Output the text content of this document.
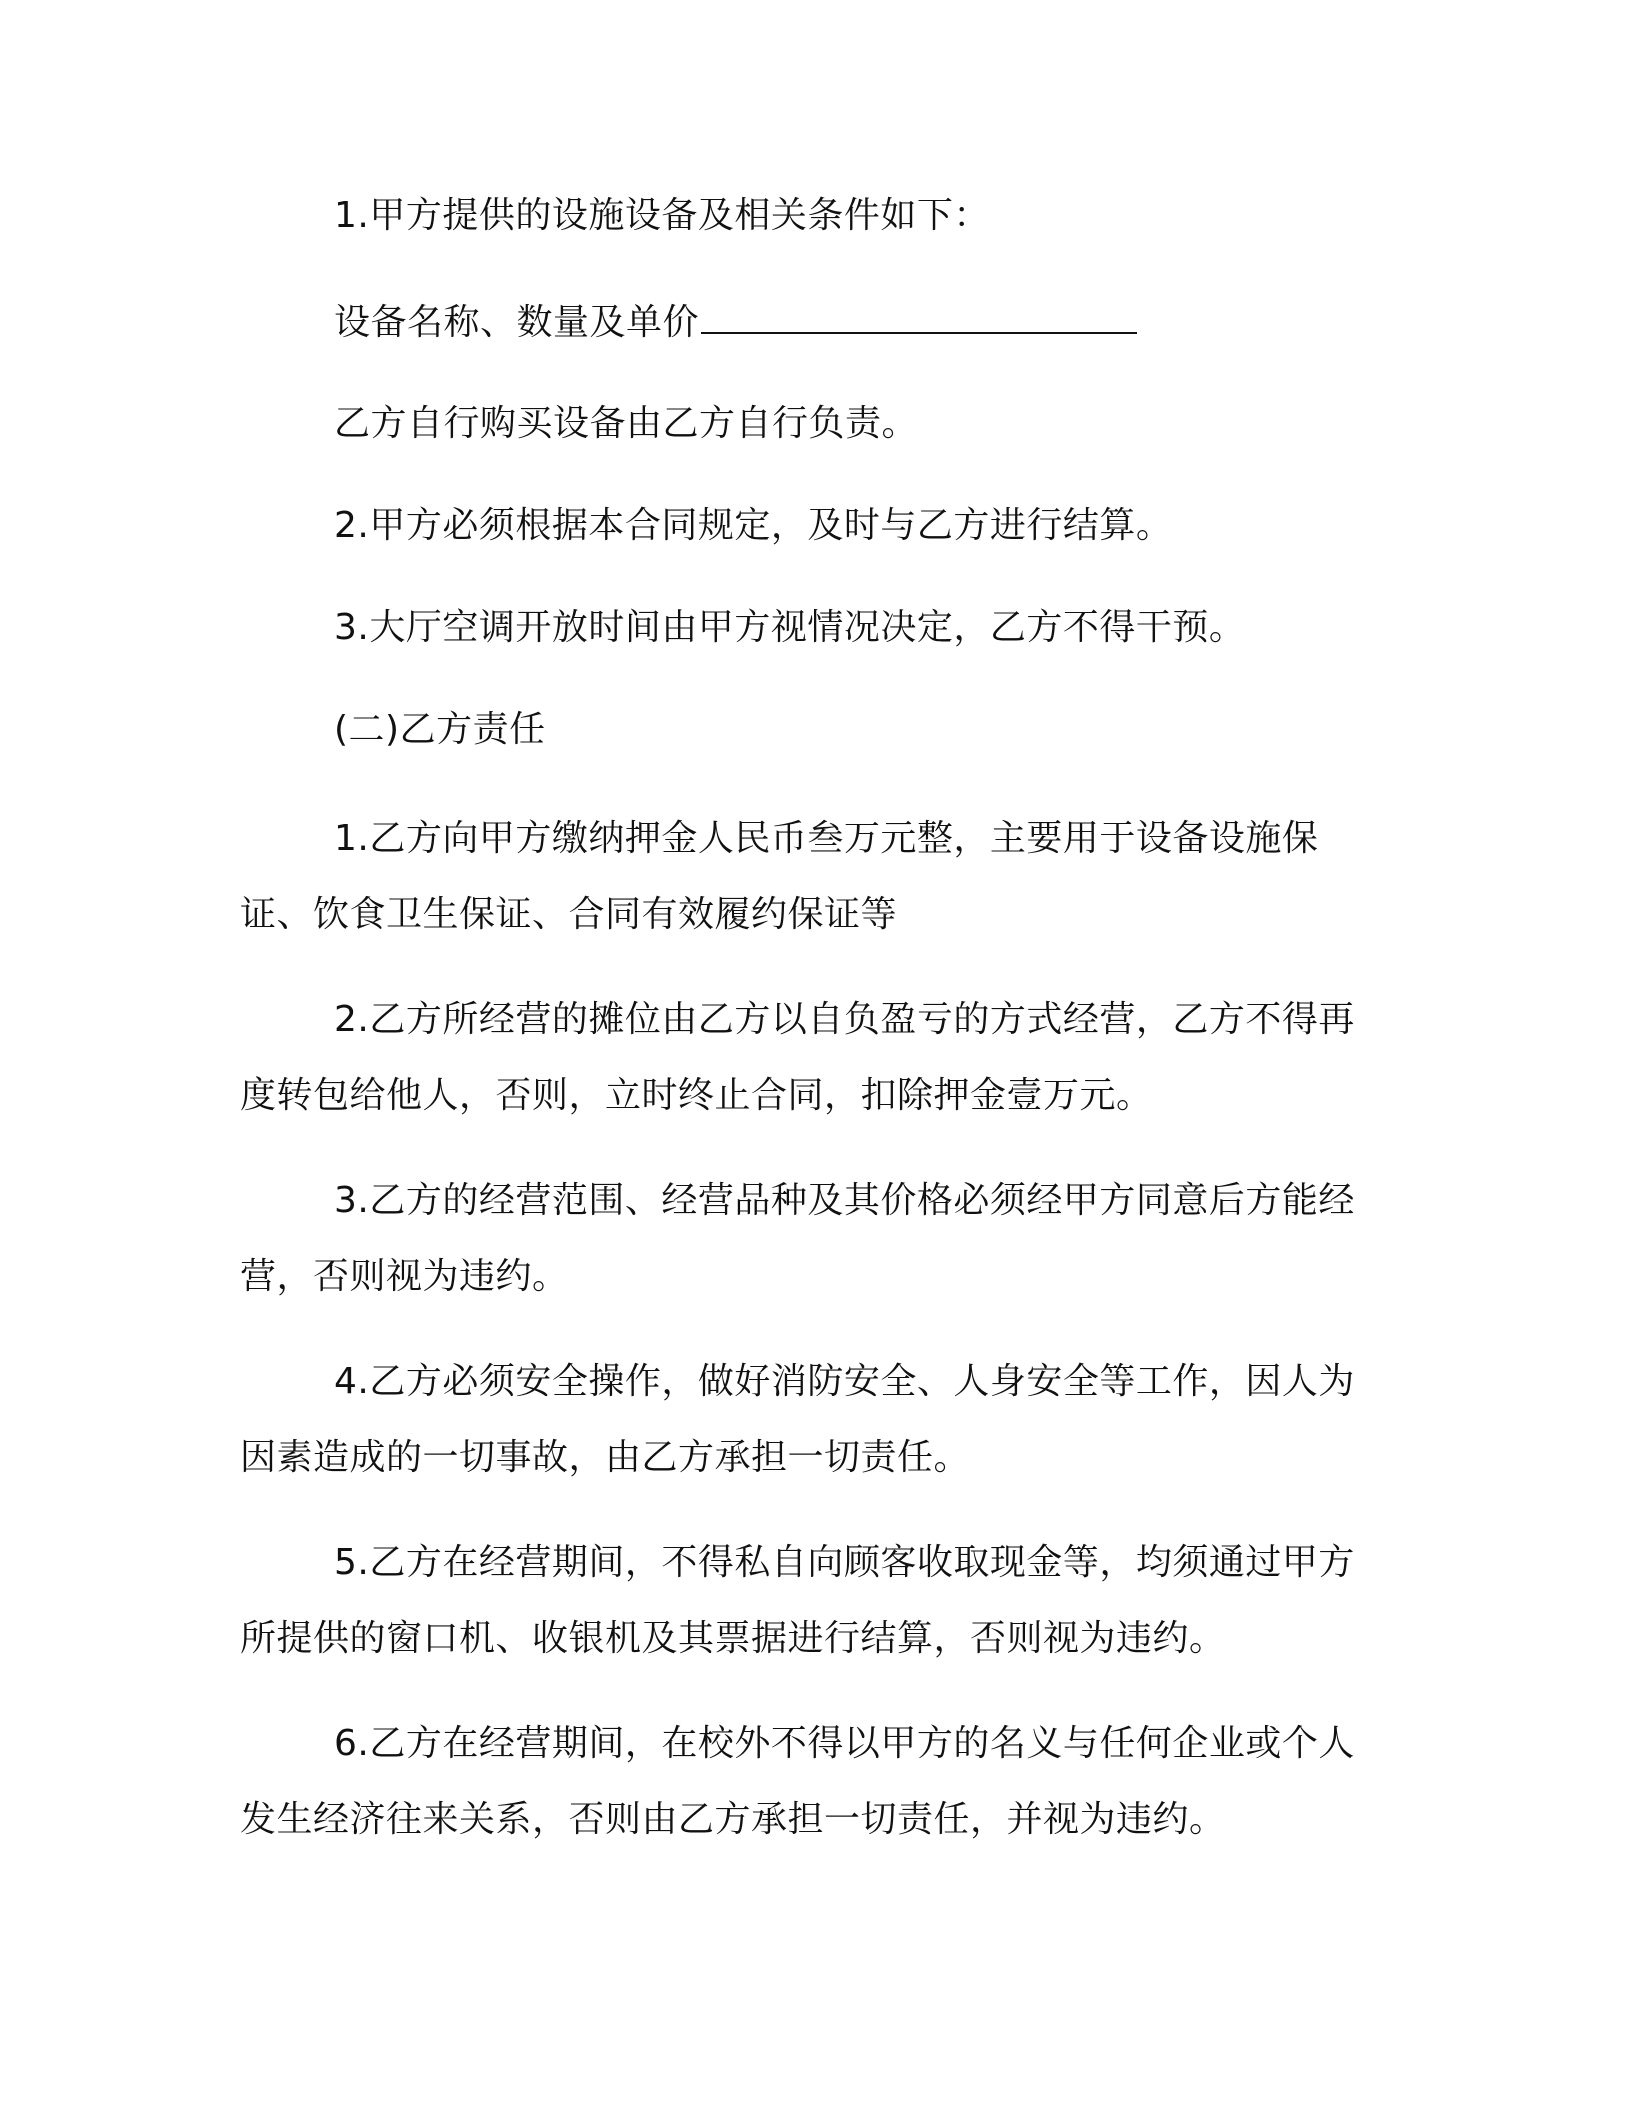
1.甲方提供的设施设备及相关条件如下：

设备名称、数量及单价

乙方自行购买设备由乙方自行负责。

2.甲方必须根据本合同规定，及时与乙方进行结算。

3.大厅空调开放时间由甲方视情况决定，乙方不得干预。

(二)乙方责任

1.乙方向甲方缴纳押金人民币叁万元整，主要用于设备设施保证、饮食卫生保证、合同有效履约保证等

2.乙方所经营的摊位由乙方以自负盈亏的方式经营，乙方不得再度转包给他人，否则，立时终止合同，扣除押金壹万元。

3.乙方的经营范围、经营品种及其价格必须经甲方同意后方能经营，否则视为违约。

4.乙方必须安全操作，做好消防安全、人身安全等工作，因人为因素造成的一切事故，由乙方承担一切责任。

5.乙方在经营期间，不得私自向顾客收取现金等，均须通过甲方所提供的窗口机、收银机及其票据进行结算，否则视为违约。

6.乙方在经营期间，在校外不得以甲方的名义与任何企业或个人发生经济往来关系，否则由乙方承担一切责任，并视为违约。
